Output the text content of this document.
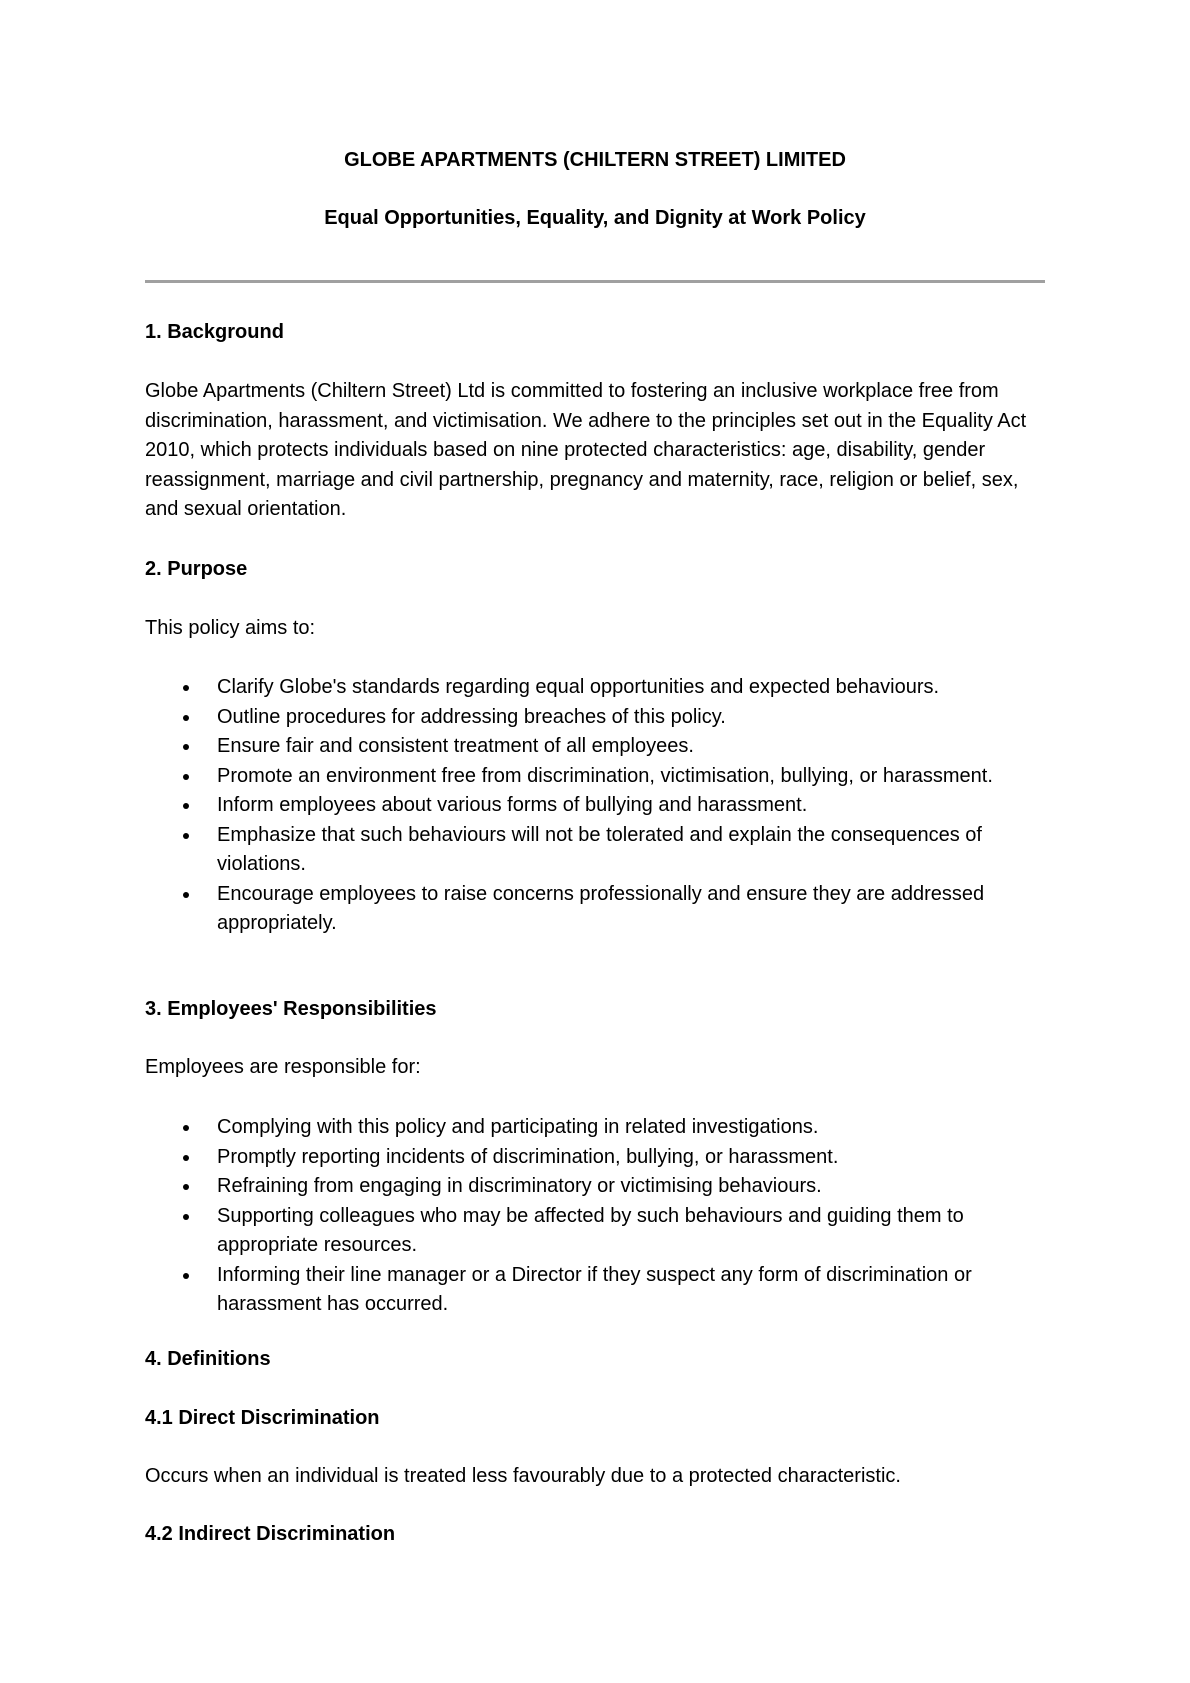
GLOBE APARTMENTS (CHILTERN STREET) LIMITED

Equal Opportunities, Equality, and Dignity at Work Policy

1. Background

Globe Apartments (Chiltern Street) Ltd is committed to fostering an inclusive workplace free from discrimination, harassment, and victimisation. We adhere to the principles set out in the Equality Act 2010, which protects individuals based on nine protected characteristics: age, disability, gender reassignment, marriage and civil partnership, pregnancy and maternity, race, religion or belief, sex, and sexual orientation.

2. Purpose

This policy aims to:

Clarify Globe's standards regarding equal opportunities and expected behaviours.
Outline procedures for addressing breaches of this policy.
Ensure fair and consistent treatment of all employees.
Promote an environment free from discrimination, victimisation, bullying, or harassment.
Inform employees about various forms of bullying and harassment.
Emphasize that such behaviours will not be tolerated and explain the consequences of violations.
Encourage employees to raise concerns professionally and ensure they are addressed appropriately.

3. Employees' Responsibilities

Employees are responsible for:

Complying with this policy and participating in related investigations.
Promptly reporting incidents of discrimination, bullying, or harassment.
Refraining from engaging in discriminatory or victimising behaviours.
Supporting colleagues who may be affected by such behaviours and guiding them to appropriate resources.
Informing their line manager or a Director if they suspect any form of discrimination or harassment has occurred.

4. Definitions

4.1 Direct Discrimination

Occurs when an individual is treated less favourably due to a protected characteristic.

4.2 Indirect Discrimination
